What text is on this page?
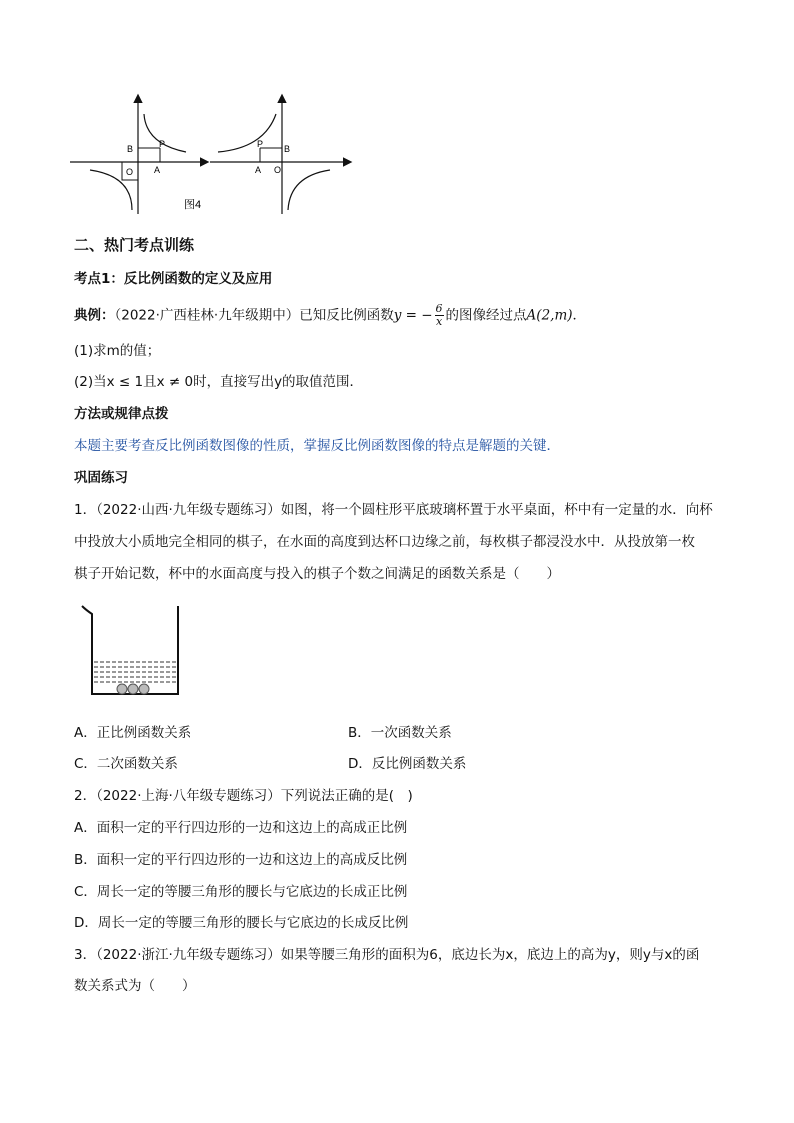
B	P
O A
P B
A O
图4
二、热门考点训练
考点1：反比例函数的定义及应用
典例：（2022·广西桂林·九年级期中）已知反比例函数y = − $\frac{6}{x}$ 的图像经过点A(2,m)．
(1)求m的值；
(2)当x ≤ 1且x ≠ 0时，直接写出y的取值范围．
方法或规律点拨
本题主要考查反比例函数图像的性质，掌握反比例函数图像的特点是解题的关键．
巩固练习
1．（2022·山西·九年级专题练习）如图，将一个圆柱形平底玻璃杯置于水平桌面，杯中有一定量的水．向杯
中投放大小质地完全相同的棋子，在水面的高度到达杯口边缘之前，每枚棋子都浸没水中．从投放第一枚
棋子开始记数，杯中的水面高度与投入的棋子个数之间满足的函数关系是（　　）
A．正比例函数关系	B．一次函数关系
C．二次函数关系	D．反比例函数关系
2．（2022·上海·八年级专题练习）下列说法正确的是(　)
A．面积一定的平行四边形的一边和这边上的高成正比例
B．面积一定的平行四边形的一边和这边上的高成反比例
C．周长一定的等腰三角形的腰长与它底边的长成正比例
D．周长一定的等腰三角形的腰长与它底边的长成反比例
3．（2022·浙江·九年级专题练习）如果等腰三角形的面积为6，底边长为x，底边上的高为y，则y与x的函
数关系式为（　　）
